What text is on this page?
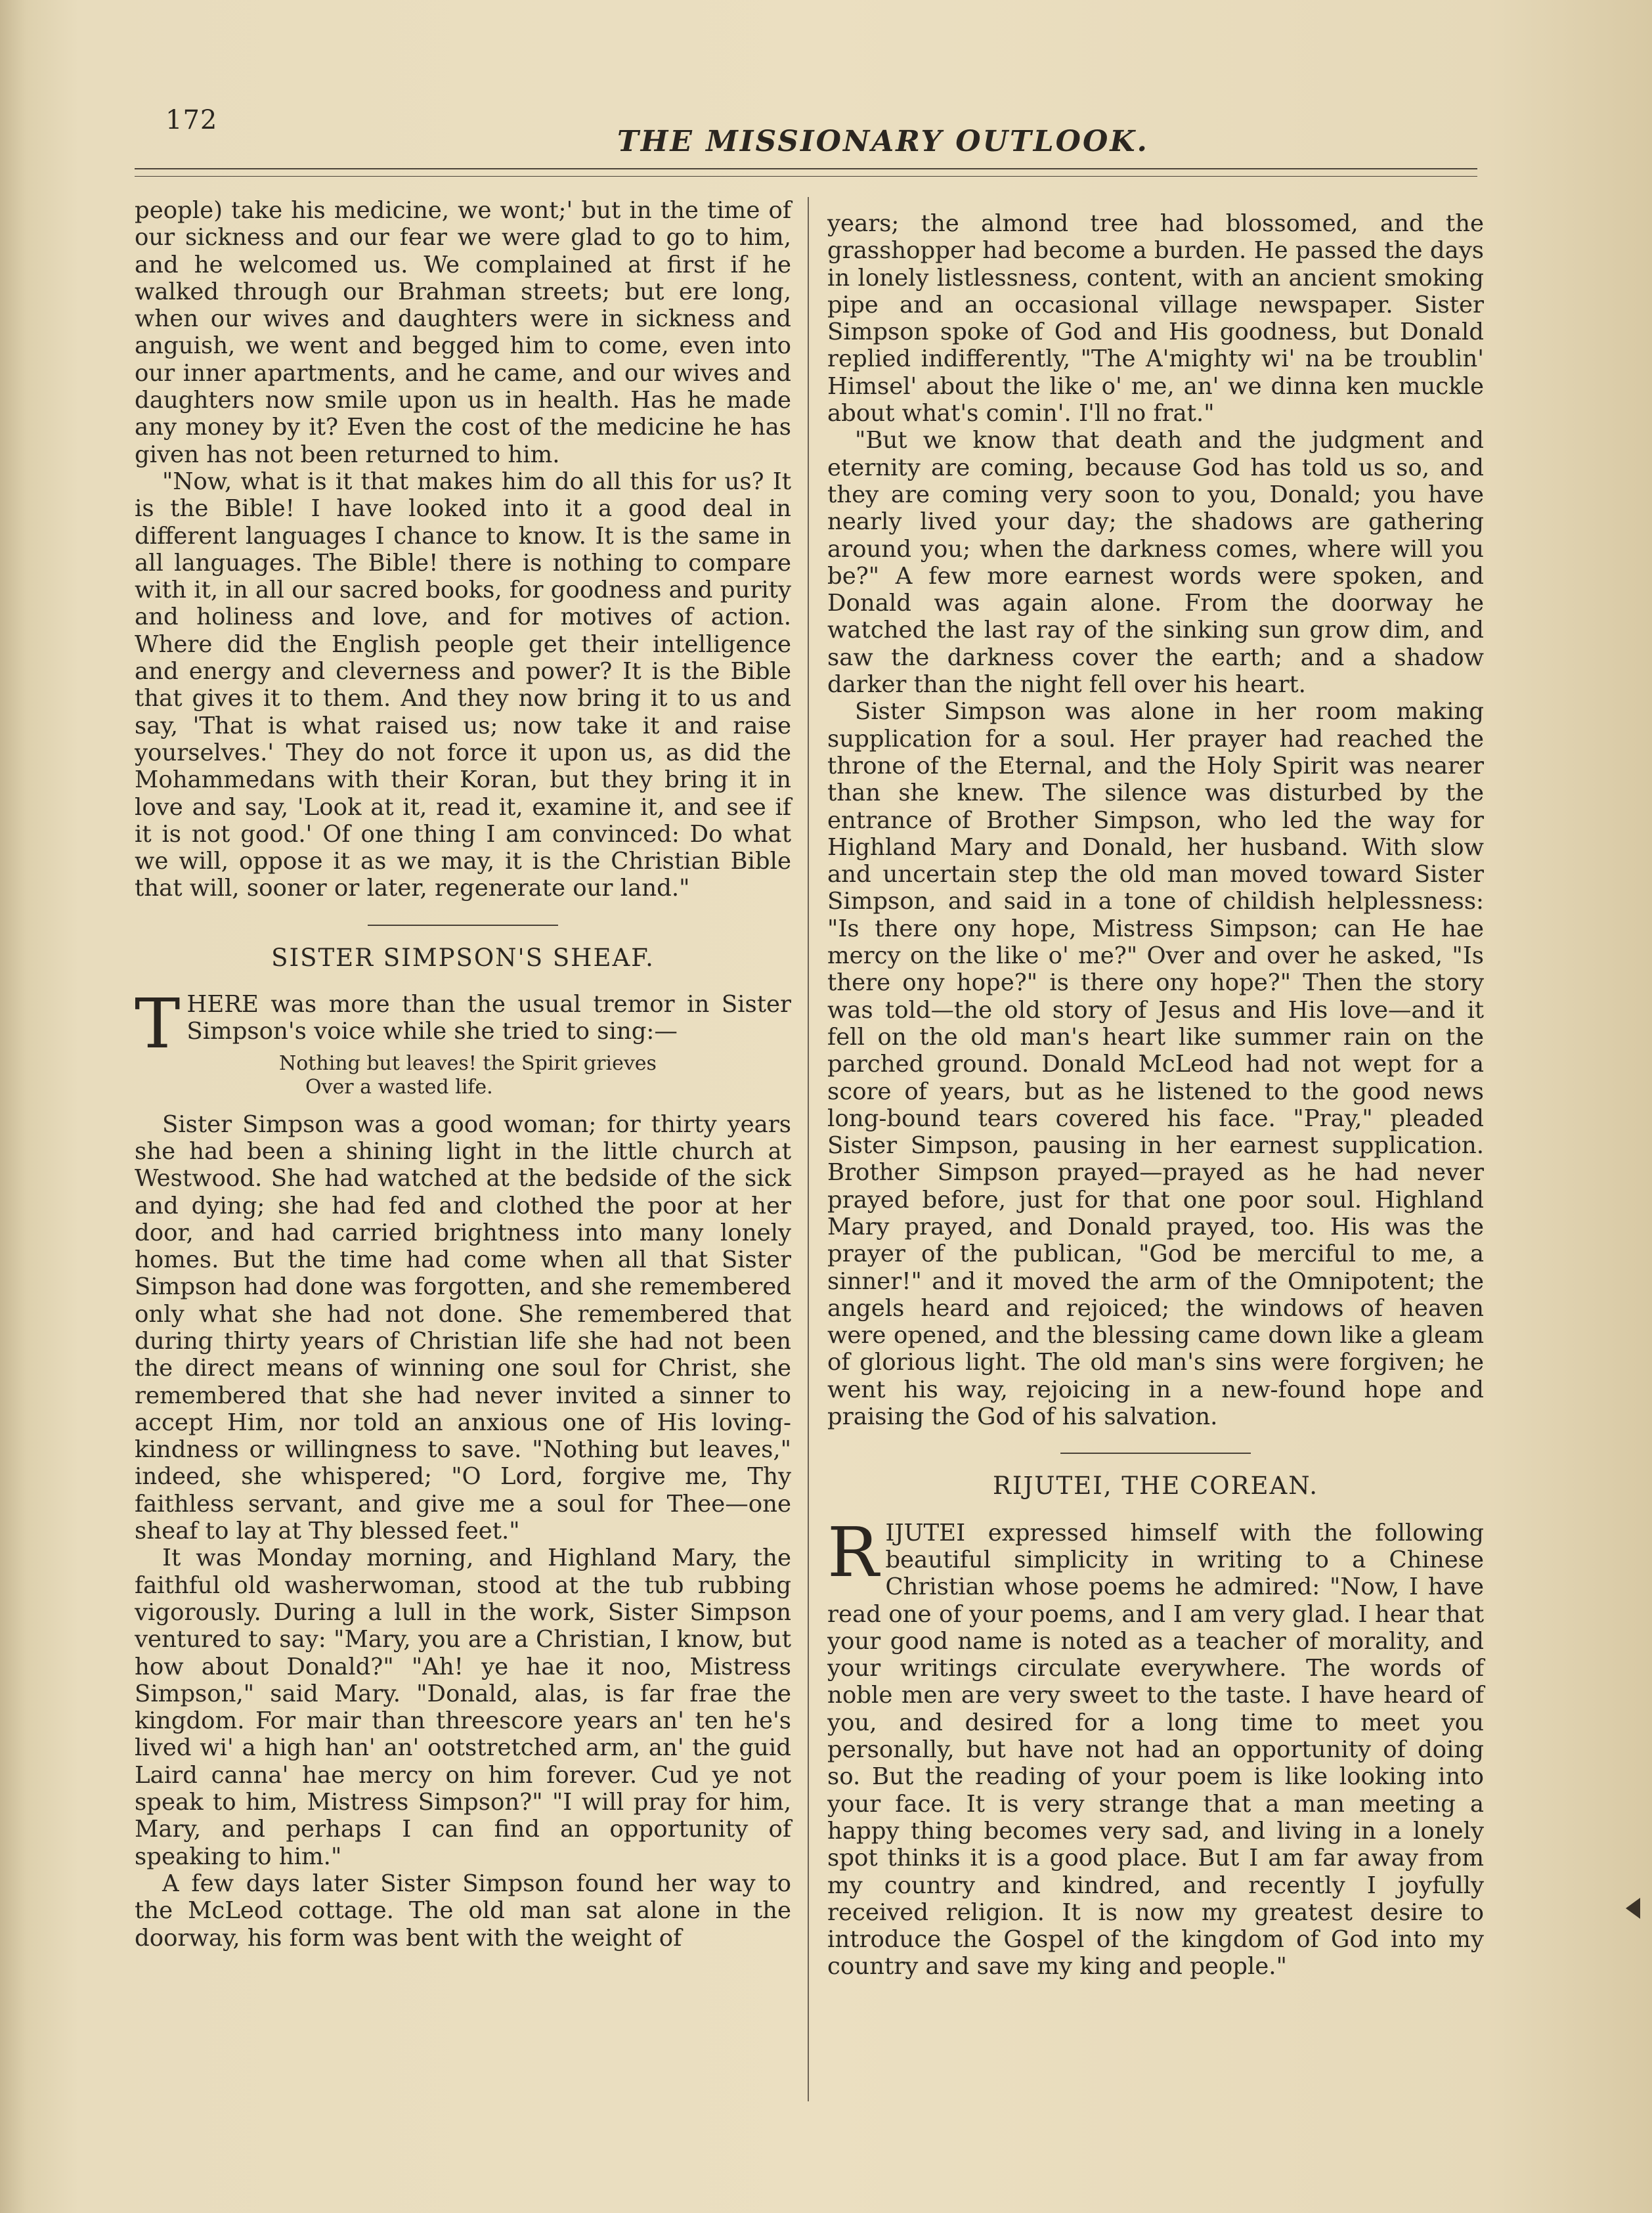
172
THE MISSIONARY OUTLOOK.

people) take his medicine, we wont;' but in the time of our sickness and our fear we were glad to go to him, and he welcomed us. We complained at first if he walked through our Brahman streets; but ere long, when our wives and daughters were in sickness and anguish, we went and begged him to come, even into our inner apartments, and he came, and our wives and daughters now smile upon us in health. Has he made any money by it? Even the cost of the medicine he has given has not been returned to him.

"Now, what is it that makes him do all this for us? It is the Bible! I have looked into it a good deal in different languages I chance to know. It is the same in all languages. The Bible! there is nothing to compare with it, in all our sacred books, for goodness and purity and holiness and love, and for motives of action. Where did the English people get their intelligence and energy and cleverness and power? It is the Bible that gives it to them. And they now bring it to us and say, 'That is what raised us; now take it and raise yourselves.' They do not force it upon us, as did the Mohammedans with their Koran, but they bring it in love and say, 'Look at it, read it, examine it, and see if it is not good.' Of one thing I am convinced: Do what we will, oppose it as we may, it is the Christian Bible that will, sooner or later, regenerate our land."

SISTER SIMPSON'S SHEAF.

THERE was more than the usual tremor in Sister Simpson's voice while she tried to sing:—

Nothing but leaves! the Spirit grieves
Over a wasted life.

Sister Simpson was a good woman; for thirty years she had been a shining light in the little church at Westwood. She had watched at the bedside of the sick and dying; she had fed and clothed the poor at her door, and had carried brightness into many lonely homes. But the time had come when all that Sister Simpson had done was forgotten, and she remembered only what she had not done. She remembered that during thirty years of Christian life she had not been the direct means of winning one soul for Christ, she remembered that she had never invited a sinner to accept Him, nor told an anxious one of His loving-kindness or willingness to save. "Nothing but leaves," indeed, she whispered; "O Lord, forgive me, Thy faithless servant, and give me a soul for Thee—one sheaf to lay at Thy blessed feet."

It was Monday morning, and Highland Mary, the faithful old washerwoman, stood at the tub rubbing vigorously. During a lull in the work, Sister Simpson ventured to say: "Mary, you are a Christian, I know, but how about Donald?" "Ah! ye hae it noo, Mistress Simpson," said Mary. "Donald, alas, is far frae the kingdom. For mair than threescore years an' ten he's lived wi' a high han' an' ootstretched arm, an' the guid Laird canna' hae mercy on him forever. Cud ye not speak to him, Mistress Simpson?" "I will pray for him, Mary, and perhaps I can find an opportunity of speaking to him."

A few days later Sister Simpson found her way to the McLeod cottage. The old man sat alone in the doorway, his form was bent with the weight of

years; the almond tree had blossomed, and the grasshopper had become a burden. He passed the days in lonely listlessness, content, with an ancient smoking pipe and an occasional village newspaper. Sister Simpson spoke of God and His goodness, but Donald replied indifferently, "The A'mighty wi' na be troublin' Himsel' about the like o' me, an' we dinna ken muckle about what's comin'. I'll no frat."

"But we know that death and the judgment and eternity are coming, because God has told us so, and they are coming very soon to you, Donald; you have nearly lived your day; the shadows are gathering around you; when the darkness comes, where will you be?" A few more earnest words were spoken, and Donald was again alone. From the doorway he watched the last ray of the sinking sun grow dim, and saw the darkness cover the earth; and a shadow darker than the night fell over his heart.

Sister Simpson was alone in her room making supplication for a soul. Her prayer had reached the throne of the Eternal, and the Holy Spirit was nearer than she knew. The silence was disturbed by the entrance of Brother Simpson, who led the way for Highland Mary and Donald, her husband. With slow and uncertain step the old man moved toward Sister Simpson, and said in a tone of childish helplessness: "Is there ony hope, Mistress Simpson; can He hae mercy on the like o' me?" Over and over he asked, "Is there ony hope?" is there ony hope?" Then the story was told—the old story of Jesus and His love—and it fell on the old man's heart like summer rain on the parched ground. Donald McLeod had not wept for a score of years, but as he listened to the good news long-bound tears covered his face. "Pray," pleaded Sister Simpson, pausing in her earnest supplication. Brother Simpson prayed—prayed as he had never prayed before, just for that one poor soul. Highland Mary prayed, and Donald prayed, too. His was the prayer of the publican, "God be merciful to me, a sinner!" and it moved the arm of the Omnipotent; the angels heard and rejoiced; the windows of heaven were opened, and the blessing came down like a gleam of glorious light. The old man's sins were forgiven; he went his way, rejoicing in a new-found hope and praising the God of his salvation.

RIJUTEI, THE COREAN.

RIJUTEI expressed himself with the following beautiful simplicity in writing to a Chinese Christian whose poems he admired: "Now, I have read one of your poems, and I am very glad. I hear that your good name is noted as a teacher of morality, and your writings circulate everywhere. The words of noble men are very sweet to the taste. I have heard of you, and desired for a long time to meet you personally, but have not had an opportunity of doing so. But the reading of your poem is like looking into your face. It is very strange that a man meeting a happy thing becomes very sad, and living in a lonely spot thinks it is a good place. But I am far away from my country and kindred, and recently I joyfully received religion. It is now my greatest desire to introduce the Gospel of the kingdom of God into my country and save my king and people."
